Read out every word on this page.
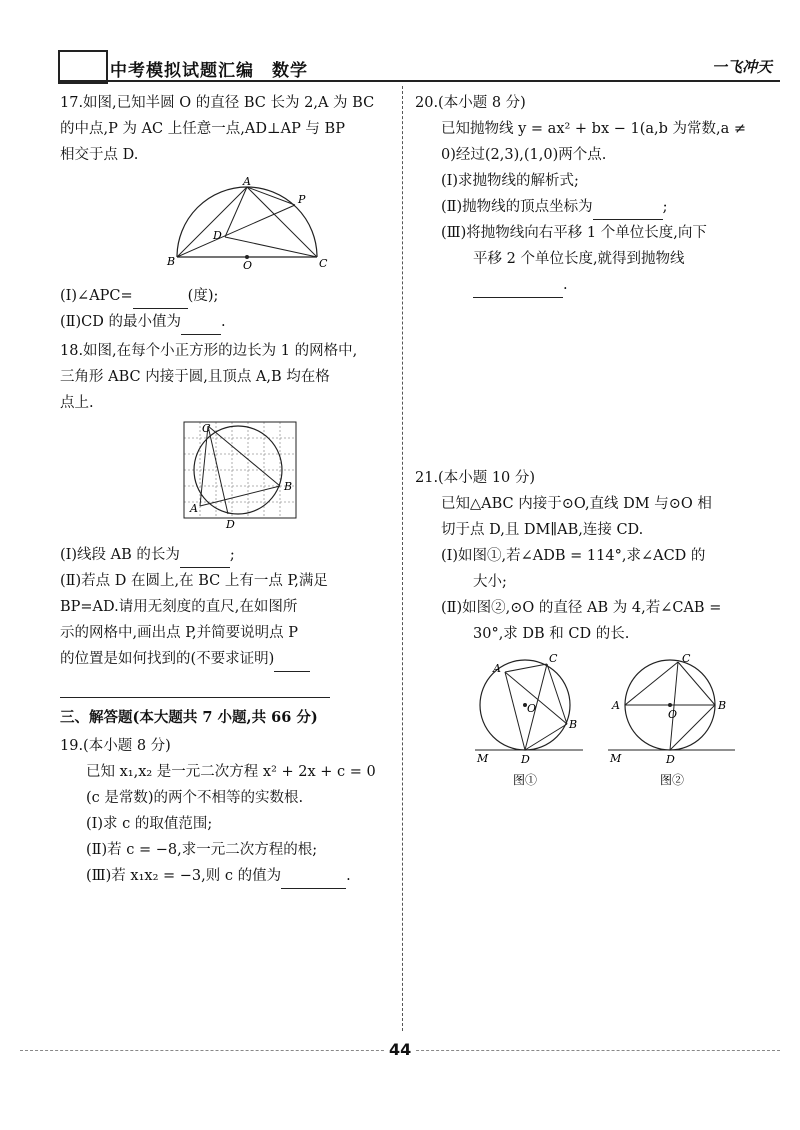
中考模拟试题汇编　数学	一飞冲天
17.如图,已知半圆 O 的直径 BC 长为 2,A 为 BC
的中点,P 为 AC 上任意一点,AD⊥AP 与 BP
相交于点 D.
A
P
D
B	O	C
(Ⅰ)∠APC=	(度);
(Ⅱ)CD 的最小值为	.
18.如图,在每个小正方形的边长为 1 的网格中,
三角形 ABC 内接于圆,且顶点 A,B 均在格
点上.
C
B
A
D
(Ⅰ)线段 AB 的长为	;
(Ⅱ)若点 D 在圆上,在 BC 上有一点 P,满足
BP=AD.请用无刻度的直尺,在如图所
示的网格中,画出点 P,并简要说明点 P
的位置是如何找到的(不要求证明)
三、解答题(本大题共 7 小题,共 66 分)
19.(本小题 8 分)
已知 x₁,x₂ 是一元二次方程 x² + 2x + c = 0
(c 是常数)的两个不相等的实数根.
(Ⅰ)求 c 的取值范围;
(Ⅱ)若 c = −8,求一元二次方程的根;
(Ⅲ)若 x₁x₂ = −3,则 c 的值为	.
20.(本小题 8 分)
已知抛物线 y = ax² + bx − 1(a,b 为常数,a ≠
0)经过(2,3),(1,0)两个点.
(Ⅰ)求抛物线的解析式;
(Ⅱ)抛物线的顶点坐标为	;
(Ⅲ)将抛物线向右平移 1 个单位长度,向下
平移 2 个单位长度,就得到抛物线
.
21.(本小题 10 分)
已知△ABC 内接于⊙O,直线 DM 与⊙O 相
切于点 D,且 DM∥AB,连接 CD.
(Ⅰ)如图①,若∠ADB = 114°,求∠ACD 的
大小;
(Ⅱ)如图②,⊙O 的直径 AB 为 4,若∠CAB =
30°,求 DB 和 CD 的长.
C
A
O
B
M	D
图①
C
A
O
B
M	D
图②
44
